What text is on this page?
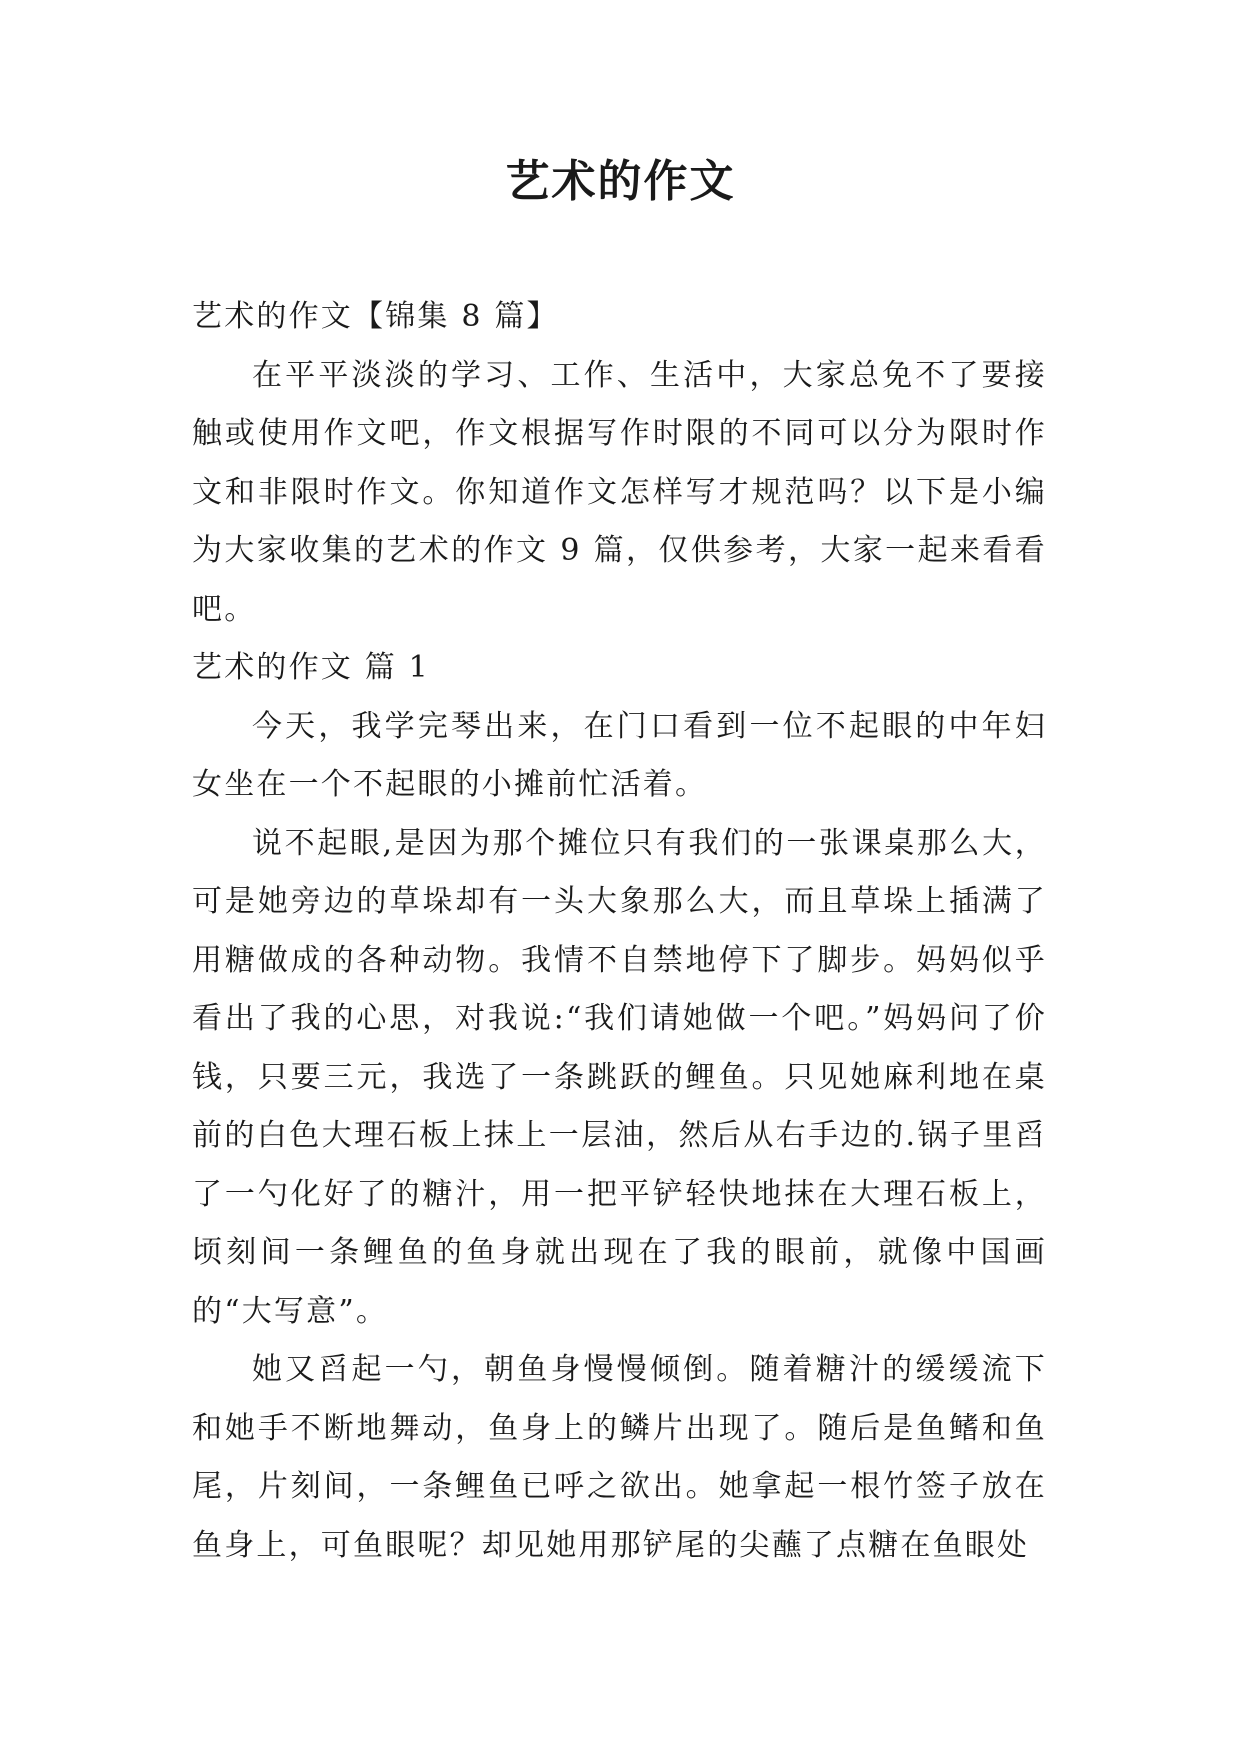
艺术的作文

艺术的作文【锦集 8 篇】

在平平淡淡的学习、工作、生活中，大家总免不了要接触或使用作文吧，作文根据写作时限的不同可以分为限时作文和非限时作文。你知道作文怎样写才规范吗？以下是小编为大家收集的艺术的作文 9 篇，仅供参考，大家一起来看看吧。

艺术的作文 篇 1

今天，我学完琴出来，在门口看到一位不起眼的中年妇女坐在一个不起眼的小摊前忙活着。

说不起眼,是因为那个摊位只有我们的一张课桌那么大，可是她旁边的草垛却有一头大象那么大，而且草垛上插满了用糖做成的各种动物。我情不自禁地停下了脚步。妈妈似乎看出了我的心思，对我说:“我们请她做一个吧。”妈妈问了价钱，只要三元，我选了一条跳跃的鲤鱼。只见她麻利地在桌前的白色大理石板上抹上一层油，然后从右手边的.锅子里舀了一勺化好了的糖汁，用一把平铲轻快地抹在大理石板上，顷刻间一条鲤鱼的鱼身就出现在了我的眼前，就像中国画的“大写意”。

她又舀起一勺，朝鱼身慢慢倾倒。随着糖汁的缓缓流下和她手不断地舞动，鱼身上的鳞片出现了。随后是鱼鳍和鱼尾，片刻间，一条鲤鱼已呼之欲出。她拿起一根竹签子放在鱼身上，可鱼眼呢？却见她用那铲尾的尖蘸了点糖在鱼眼处
